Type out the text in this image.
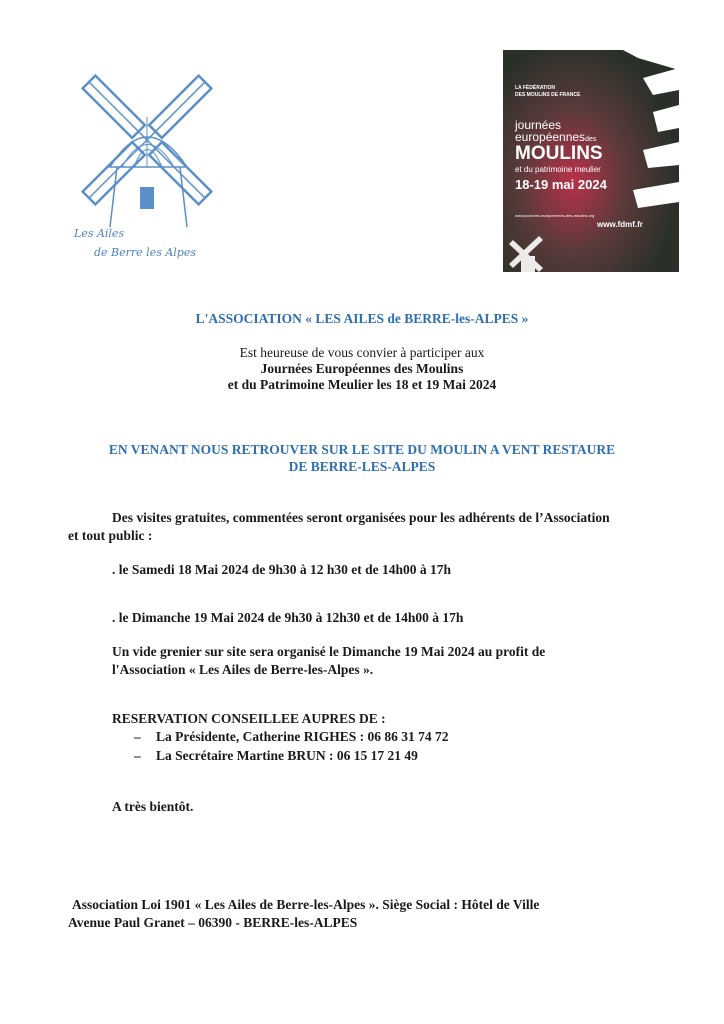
Les Ailes
de Berre les Alpes
LA FÉDÉRATION
DES MOULINS DE FRANCE
journées
européennesdes
MOULINS
et du patrimoine meulier
18-19 mai 2024
www.journees-europeennes-des-moulins.org
www.fdmf.fr
L'ASSOCIATION « LES AILES de BERRE-les-ALPES »
Est heureuse de vous convier à participer aux
Journées Européennes des Moulins
et du Patrimoine Meulier les 18 et 19 Mai 2024
EN VENANT NOUS RETROUVER SUR LE SITE DU MOULIN A VENT RESTAURE
DE BERRE-LES-ALPES
Des visites gratuites, commentées seront organisées pour les adhérents de l’Association
et tout public :
. le Samedi 18 Mai 2024 de 9h30 à 12 h30 et de 14h00 à 17h
. le Dimanche 19 Mai 2024 de 9h30 à 12h30 et de 14h00 à 17h
Un vide grenier sur site sera organisé le Dimanche 19 Mai 2024 au profit de
l'Association « Les Ailes de Berre-les-Alpes ».
RESERVATION CONSEILLEE AUPRES DE :
– La Présidente, Catherine RIGHES : 06 86 31 74 72
– La Secrétaire Martine BRUN : 06 15 17 21 49
A très bientôt.
Association Loi 1901 « Les Ailes de Berre-les-Alpes ». Siège Social : Hôtel de Ville
Avenue Paul Granet – 06390 - BERRE-les-ALPES
